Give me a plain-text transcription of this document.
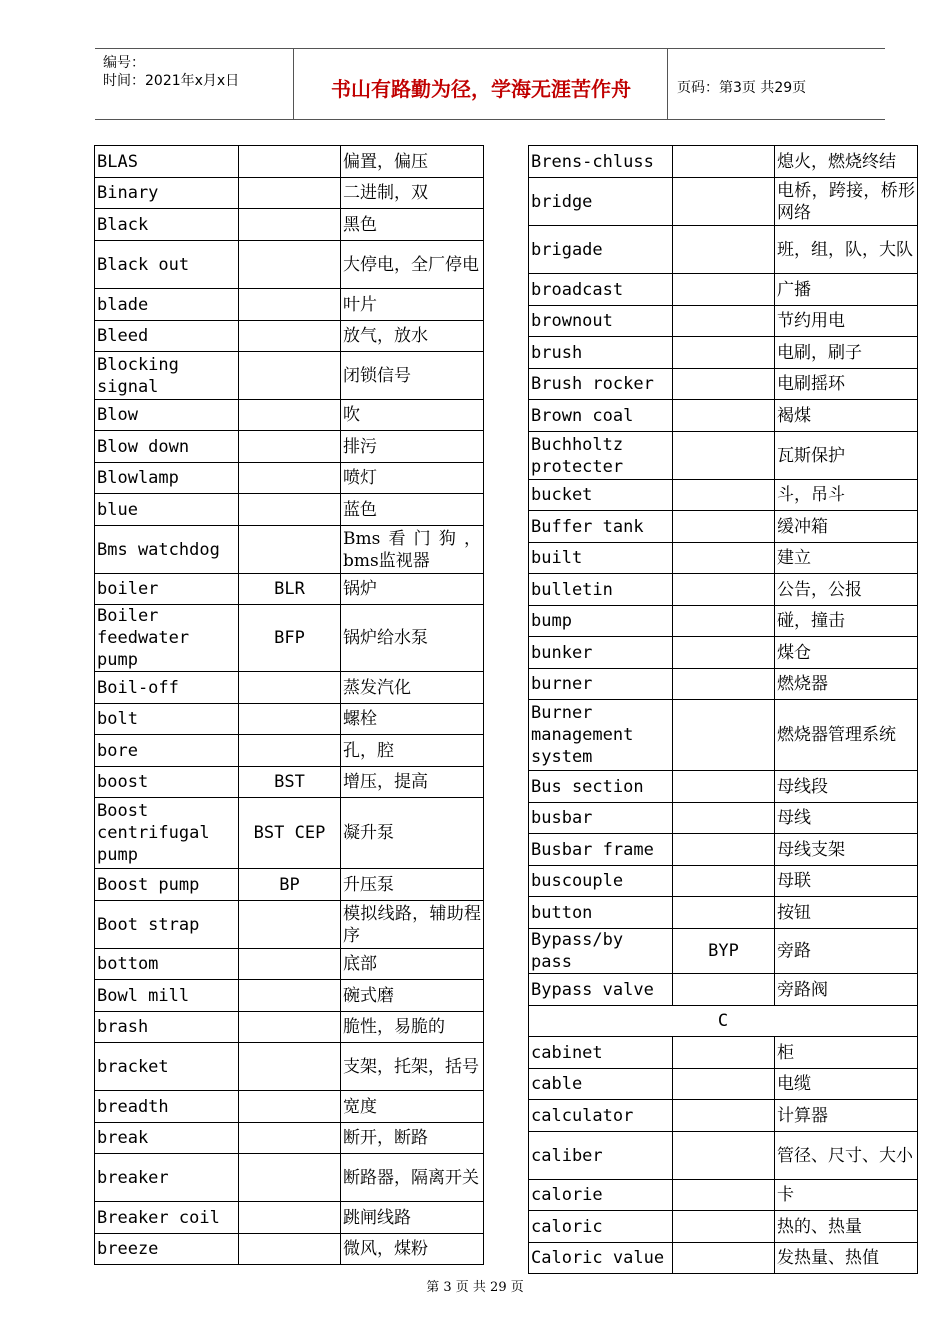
编号：
时间：2021年x月x日	书山有路勤为径，学海无涯苦作舟	页码：第3页 共29页
BLAS		偏置，偏压
Binary		二进制，双
Black		黑色
Black out		大停电，全厂停电
blade		叶片
Bleed		放气，放水
Blocking signal		闭锁信号
Blow		吹
Blow down		排污
Blowlamp		喷灯
blue		蓝色
Bms watchdog		Bms看门狗，bms监视器
boiler	BLR	锅炉
Boiler feedwater pump	BFP	锅炉给水泵
Boil-off		蒸发汽化
bolt		螺栓
bore		孔，腔
boost	BST	增压，提高
Boost centrifugal pump	BST CEP	凝升泵
Boost pump	BP	升压泵
Boot strap		模拟线路，辅助程序
bottom		底部
Bowl mill		碗式磨
brash		脆性，易脆的
bracket		支架，托架，括号
breadth		宽度
break		断开，断路
breaker		断路器，隔离开关
Breaker coil		跳闸线路
breeze		微风，煤粉
Brens-chluss		熄火，燃烧终结
bridge		电桥，跨接，桥形网络
brigade		班，组，队，大队
broadcast		广播
brownout		节约用电
brush		电刷，刷子
Brush rocker		电刷摇环
Brown coal		褐煤
Buchholtz protecter		瓦斯保护
bucket		斗，吊斗
Buffer tank		缓冲箱
built		建立
bulletin		公告，公报
bump		碰，撞击
bunker		煤仓
burner		燃烧器
Burner management system		燃烧器管理系统
Bus section		母线段
busbar		母线
Busbar frame		母线支架
buscouple		母联
button		按钮
Bypass/by pass	BYP	旁路
Bypass valve		旁路阀
C		
cabinet		柜
cable		电缆
calculator		计算器
caliber		管径、尺寸、大小
calorie		卡
caloric		热的、热量
Caloric value		发热量、热值
第 3 页 共 29 页
